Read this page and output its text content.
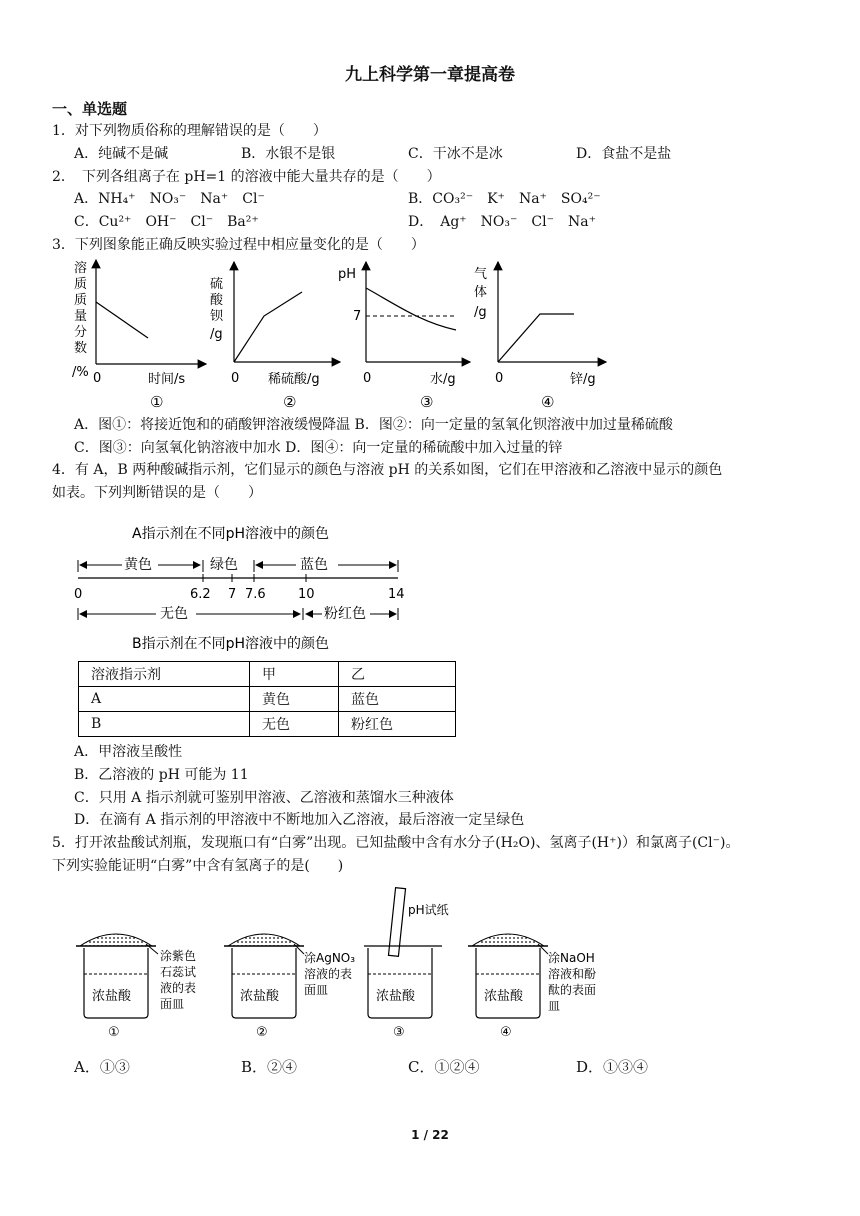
九上科学第一章提高卷
一、单选题
1．对下列物质俗称的理解错误的是（　　）
A．纯碱不是碱	B．水银不是银	C．干冰不是冰	D．食盐不是盐
2．　下列各组离子在 pH=1 的溶液中能大量共存的是（　　）
A．NH₄⁺　NO₃⁻　Na⁺　Cl⁻	B．CO₃²⁻　K⁺　Na⁺　SO₄²⁻
C．Cu²⁺　OH⁻　Cl⁻　Ba²⁺	D．　Ag⁺　NO₃⁻　Cl⁻　Na⁺
3．下列图象能正确反映实验过程中相应量变化的是（　　）
溶
质
质
量
分
数
/% 0	时间/s
①
硫
酸
钡
/g
0 稀硫酸/g
②
pH
7
0	水/g
③
气
体
/g
0	锌/g
④
A．图①：将接近饱和的硝酸钾溶液缓慢降温 B．图②：向一定量的氢氧化钡溶液中加过量稀硫酸
C．图③：向氢氧化钠溶液中加水 D．图④：向一定量的稀硫酸中加入过量的锌
4．有 A，B 两种酸碱指示剂，它们显示的颜色与溶液 pH 的关系如图，它们在甲溶液和乙溶液中显示的颜色
如表。下列判断错误的是（　　）
A指示剂在不同pH溶液中的颜色
黄色	绿色	蓝色
0	6.2 7 7.6 10	14
无色	粉红色
B指示剂在不同pH溶液中的颜色
溶液指示剂	甲	乙
A	黄色	蓝色
B	无色	粉红色
A．甲溶液呈酸性
B．乙溶液的 pH 可能为 11
C．只用 A 指示剂就可鉴别甲溶液、乙溶液和蒸馏水三种液体
D．在滴有 A 指示剂的甲溶液中不断地加入乙溶液，最后溶液一定呈绿色
5．打开浓盐酸试剂瓶，发现瓶口有“白雾”出现。已知盐酸中含有水分子(H₂O)、氢离子(H⁺)）和氯离子(Cl⁻)。
下列实验能证明“白雾”中含有氢离子的是(　　)
浓盐酸
涂紫色
石蕊试
液的表
面皿
①
浓盐酸
涂AgNO₃
溶液的表
面皿
②
pH试纸
浓盐酸
③
浓盐酸
涂NaOH
溶液和酚
酞的表面
皿
④
A．①③	B．②④	C．①②④	D．①③④
1 / 22
